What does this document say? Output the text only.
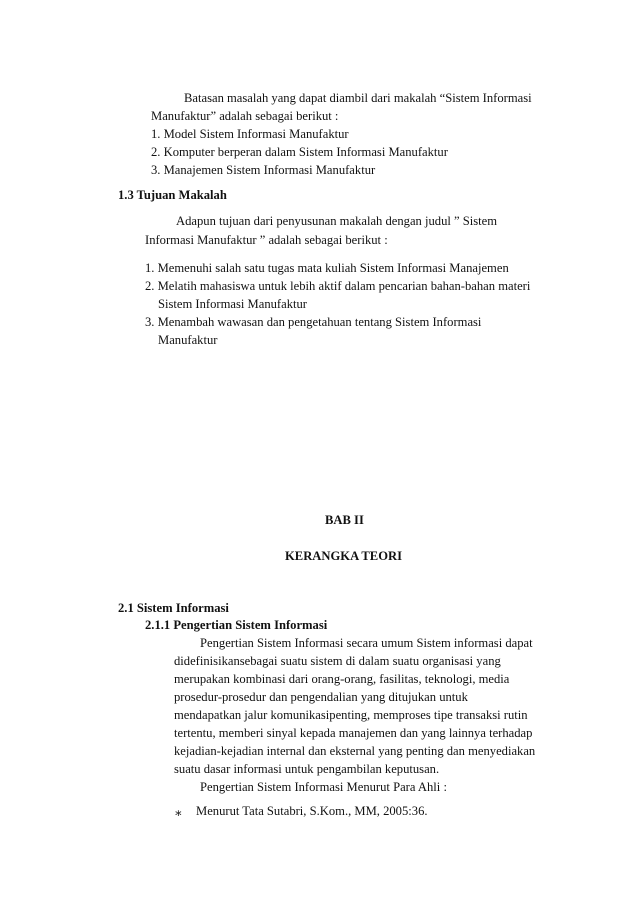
Batasan masalah yang dapat diambil dari makalah “Sistem Informasi
Manufaktur” adalah sebagai berikut :
1. Model Sistem Informasi Manufaktur
2. Komputer berperan dalam Sistem Informasi Manufaktur
3. Manajemen Sistem Informasi Manufaktur
1.3 Tujuan Makalah
Adapun tujuan dari penyusunan makalah dengan judul ” Sistem
Informasi Manufaktur ” adalah sebagai berikut :
1. Memenuhi salah satu tugas mata kuliah Sistem Informasi Manajemen
2. Melatih mahasiswa untuk lebih aktif dalam pencarian bahan-bahan materi
Sistem Informasi Manufaktur
3. Menambah wawasan dan pengetahuan tentang Sistem Informasi
Manufaktur
BAB II
KERANGKA TEORI
2.1 Sistem Informasi
2.1.1 Pengertian Sistem Informasi
Pengertian Sistem Informasi secara umum Sistem informasi dapat
didefinisikansebagai suatu sistem di dalam suatu organisasi yang
merupakan kombinasi dari orang-orang, fasilitas, teknologi, media
prosedur-prosedur dan pengendalian yang ditujukan untuk
mendapatkan jalur komunikasipenting, memproses tipe transaksi rutin
tertentu, memberi sinyal kepada manajemen dan yang lainnya terhadap
kejadian-kejadian internal dan eksternal yang penting dan menyediakan
suatu dasar informasi untuk pengambilan keputusan.
Pengertian Sistem Informasi Menurut Para Ahli :
∗ Menurut Tata Sutabri, S.Kom., MM, 2005:36.
